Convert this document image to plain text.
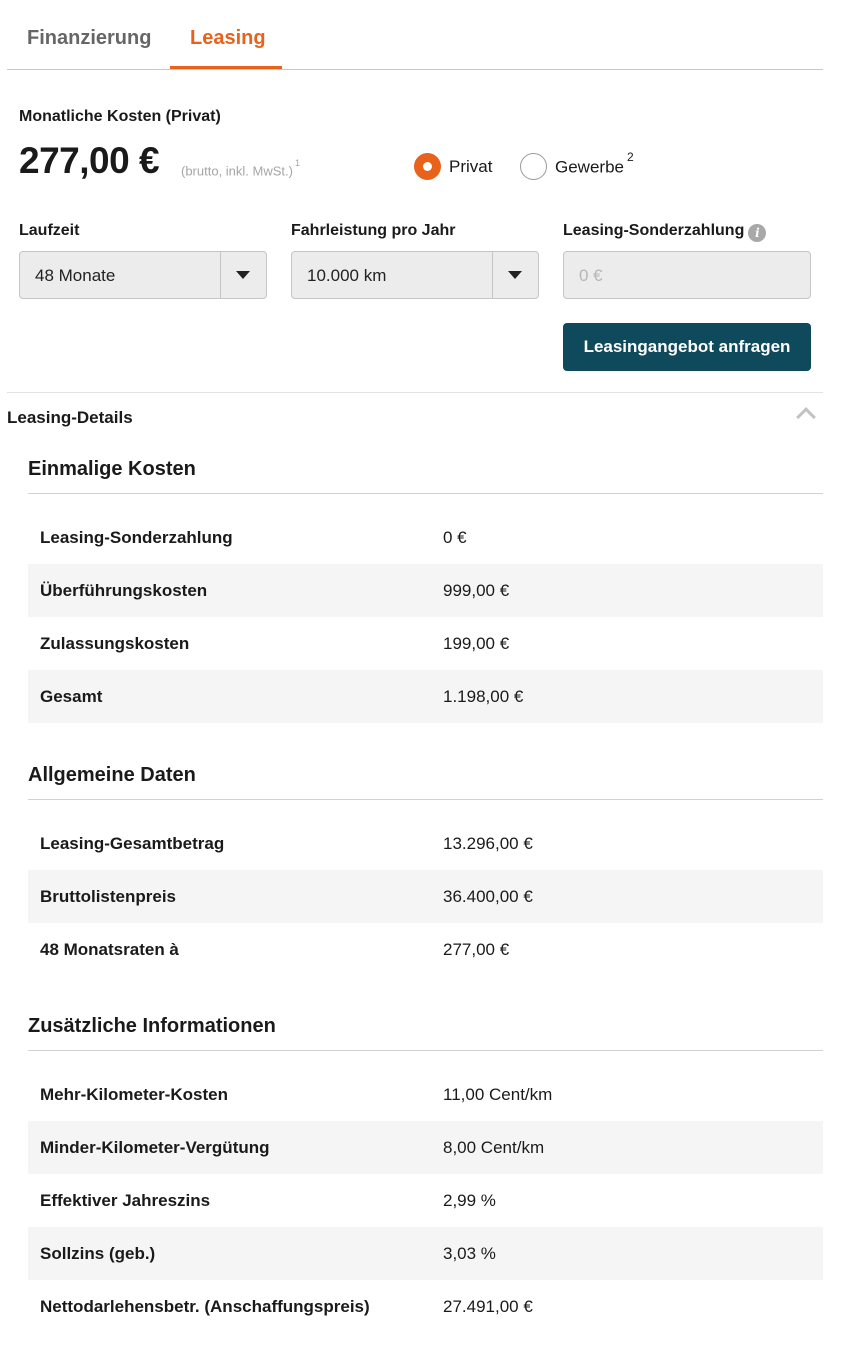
Finanzierung Leasing
Monatliche Kosten (Privat)
277,00 € (brutto, inkl. MwSt.)$^1$	Privat	Gewerbe$^2$
Laufzeit	Fahrleistung pro Jahr	Leasing-Sonderzahlung i
48 Monate	10.000 km	0 €
Leasingangebot anfragen
Leasing-Details
Einmalige Kosten
Leasing-Sonderzahlung	0 €
Überführungskosten	999,00 €
Zulassungskosten	199,00 €
Gesamt	1.198,00 €
Allgemeine Daten
Leasing-Gesamtbetrag	13.296,00 €
Bruttolistenpreis	36.400,00 €
48 Monatsraten à	277,00 €
Zusätzliche Informationen
Mehr-Kilometer-Kosten	11,00 Cent/km
Minder-Kilometer-Vergütung	8,00 Cent/km
Effektiver Jahreszins	2,99 %
Sollzins (geb.)	3,03 %
Nettodarlehensbetr. (Anschaffungspreis)	27.491,00 €
